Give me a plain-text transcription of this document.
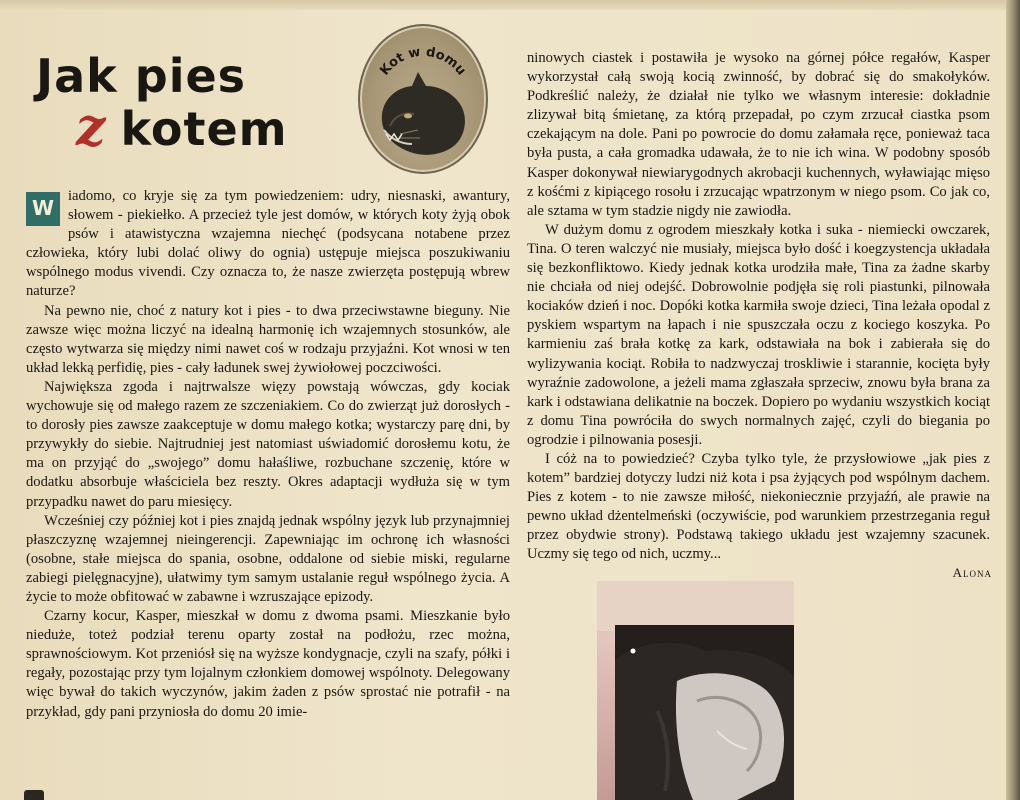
Jak pies
z kotem
Kot w domu

W
iadomo, co kryje się za tym powiedzeniem: udry, niesnaski, awantury, słowem - piekiełko. A przecież tyle jest domów, w których koty żyją obok psów i atawistyczna wzajemna niechęć (podsycana notabene przez człowieka, który lubi dolać oliwy do ognia) ustępuje miejsca poszukiwaniu wspólnego modus vivendi. Czy oznacza to, że nasze zwierzęta postępują wbrew naturze?

Na pewno nie, choć z natury kot i pies - to dwa przeciwstawne bieguny. Nie zawsze więc można liczyć na idealną harmonię ich wzajemnych stosunków, ale często wytwarza się między nimi nawet coś w rodzaju przyjaźni. Kot wnosi w ten układ lekką perfidię, pies - cały ładunek swej żywiołowej poczciwości.

Największa zgoda i najtrwalsze więzy powstają wówczas, gdy kociak wychowuje się od małego razem ze szczeniakiem. Co do zwierząt już dorosłych - to dorosły pies zawsze zaakceptuje w domu małego kotka; wystarczy parę dni, by przywykły do siebie. Najtrudniej jest natomiast uświadomić dorosłemu kotu, że ma on przyjąć do „swojego” domu hałaśliwe, rozbuchane szczenię, które w dodatku absorbuje właściciela bez reszty. Okres adaptacji wydłuża się w tym przypadku nawet do paru miesięcy.

Wcześniej czy później kot i pies znajdą jednak wspólny język lub przynajmniej płaszczyznę wzajemnej nieingerencji. Zapewniając im ochronę ich własności (osobne, stałe miejsca do spania, osobne, oddalone od siebie miski, regularne zabiegi pielęgnacyjne), ułatwimy tym samym ustalanie reguł wspólnego życia. A życie to może obfitować w zabawne i wzruszające epizody.

Czarny kocur, Kasper, mieszkał w domu z dwoma psami. Mieszkanie było nieduże, toteż podział terenu oparty został na podłożu, rzec można, sprawnościowym. Kot przeniósł się na wyższe kondygnacje, czyli na szafy, półki i regały, pozostając przy tym lojalnym członkiem domowej wspólnoty. Delegowany więc bywał do takich wyczynów, jakim żaden z psów sprostać nie potrafił - na przykład, gdy pani przyniosła do domu 20 imie-

ninowych ciastek i postawiła je wysoko na górnej półce regałów, Kasper wykorzystał całą swoją kocią zwinność, by dobrać się do smakołyków. Podkreślić należy, że działał nie tylko we własnym interesie: dokładnie zlizywał bitą śmietanę, za którą przepadał, po czym zrzucał ciastka psom czekającym na dole. Pani po powrocie do domu załamała ręce, ponieważ taca była pusta, a cała gromadka udawała, że to nie ich wina. W podobny sposób Kasper dokonywał niewiarygodnych akrobacji kuchennych, wyławiając mięso z kośćmi z kipiącego rosołu i zrzucając wpatrzonym w niego psom. Co jak co, ale sztama w tym stadzie nigdy nie zawiodła.

W dużym domu z ogrodem mieszkały kotka i suka - niemiecki owczarek, Tina. O teren walczyć nie musiały, miejsca było dość i koegzystencja układała się bezkonfliktowo. Kiedy jednak kotka urodziła małe, Tina za żadne skarby nie chciała od niej odejść. Dobrowolnie podjęła się roli piastunki, pilnowała kociaków dzień i noc. Dopóki kotka karmiła swoje dzieci, Tina leżała opodal z pyskiem wspartym na łapach i nie spuszczała oczu z kociego koszyka. Po karmieniu zaś brała kotkę za kark, odstawiała na bok i zabierała się do wylizywania kociąt. Robiła to nadzwyczaj troskliwie i starannie, kocięta były wyraźnie zadowolone, a jeżeli mama zgłaszała sprzeciw, znowu była brana za kark i odstawiana delikatnie na boczek. Dopiero po wydaniu wszystkich kociąt z domu Tina powróciła do swych normalnych zajęć, czyli do biegania po ogrodzie i pilnowania posesji.

I cóż na to powiedzieć? Czyba tylko tyle, że przysłowiowe „jak pies z kotem” bardziej dotyczy ludzi niż kota i psa żyjących pod wspólnym dachem. Pies z kotem - to nie zawsze miłość, niekoniecznie przyjaźń, ale prawie na pewno układ dżentelmeński (oczywiście, pod warunkiem przestrzegania reguł przez obydwie strony). Podstawą takiego układu jest wzajemny szacunek. Uczmy się tego od nich, uczmy...

Alona
